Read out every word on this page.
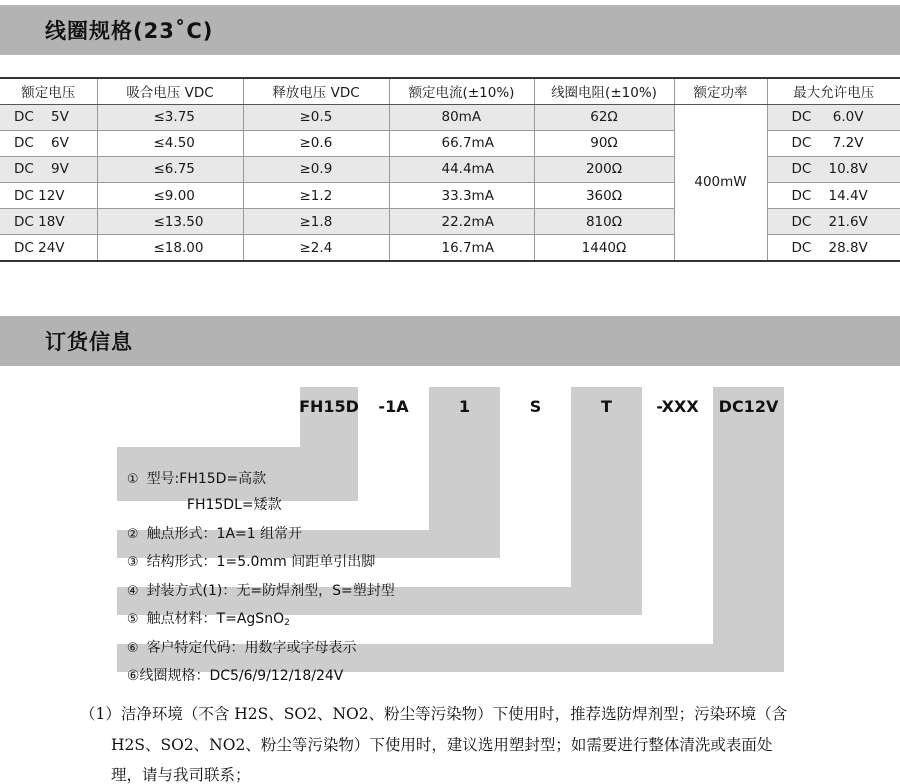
线圈规格(23˚C)
额定电压	吸合电压 VDC	释放电压 VDC	额定电流(±10%)	线圈电阻(±10%)	额定功率	最大允许电压
DC    5V	≤3.75	≥0.5	80mA	62Ω	400mW	DC     6.0V
DC    6V	≤4.50	≥0.6	66.7mA	90Ω		DC     7.2V
DC    9V	≤6.75	≥0.9	44.4mA	200Ω		DC    10.8V
DC 12V	≤9.00	≥1.2	33.3mA	360Ω		DC    14.4V
DC 18V	≤13.50	≥1.8	22.2mA	810Ω		DC    21.6V
DC 24V	≤18.00	≥2.4	16.7mA	1440Ω		DC    28.8V
订货信息
FH15D	-1A	1	S	T	-XXX	DC12V

① 型号:FH15D=高款

FH15DL=矮款

② 触点形式：1A=1 组常开

③ 结构形式：1=5.0mm 间距单引出脚

④ 封装方式(1)：无=防焊剂型，S=塑封型

⑤ 触点材料：T=AgSnO$_2$

⑥ 客户特定代码：用数字或字母表示

⑥线圈规格：DC5/6/9/12/18/24V

（1）洁净环境（不含 H2S、SO2、NO2、粉尘等污染物）下使用时，推荐选防焊剂型；污染环境（含
H2S、SO2、NO2、粉尘等污染物）下使用时，建议选用塑封型；如需要进行整体清洗或表面处
理，请与我司联系；
